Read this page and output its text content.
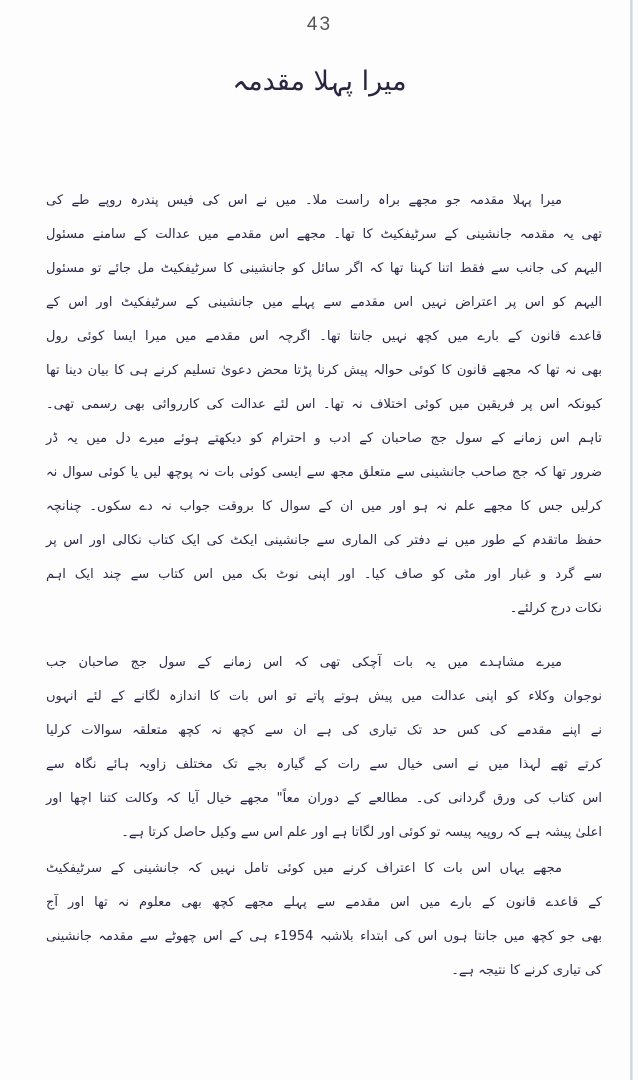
43
میرا پہلا مقدمہ
میرا پہلا مقدمہ جو مجھے براہ راست ملا۔ میں نے اس کی فیس پندرہ روپے طے کی
تھی یہ مقدمہ جانشینی کے سرٹیفکیٹ کا تھا۔ مجھے اس مقدمے میں عدالت کے سامنے مسئول
الیہم کی جانب سے فقط اتنا کہنا تھا کہ اگر سائل کو جانشینی کا سرٹیفکیٹ مل جائے تو مسئول
الیہم کو اس پر اعتراض نہیں اس مقدمے سے پہلے میں جانشینی کے سرٹیفکیٹ اور اس کے
قاعدے قانون کے بارے میں کچھ نہیں جانتا تھا۔ اگرچہ اس مقدمے میں میرا ایسا کوئی رول
بھی نہ تھا کہ مجھے قانون کا کوئی حوالہ پیش کرنا پڑتا محض دعویٰ تسلیم کرنے ہی کا بیان دینا تھا
کیونکہ اس پر فریقین میں کوئی اختلاف نہ تھا۔ اس لئے عدالت کی کارروائی بھی رسمی تھی۔
تاہم اس زمانے کے سول جج صاحبان کے ادب و احترام کو دیکھتے ہوئے میرے دل میں یہ ڈر
ضرور تھا کہ جج صاحب جانشینی سے متعلق مجھ سے ایسی کوئی بات نہ پوچھ لیں یا کوئی سوال نہ
کرلیں جس کا مجھے علم نہ ہو اور میں ان کے سوال کا بروقت جواب نہ دے سکوں۔ چنانچہ
حفظ ماتقدم کے طور میں نے دفتر کی الماری سے جانشینی ایکٹ کی ایک کتاب نکالی اور اس پر
سے گرد و غبار اور مٹی کو صاف کیا۔ اور اپنی نوٹ بک میں اس کتاب سے چند ایک اہم
نکات درج کرلئے۔
میرے مشاہدے میں یہ بات آچکی تھی کہ اس زمانے کے سول جج صاحبان جب
نوجوان وکلاء کو اپنی عدالت میں پیش ہوتے پاتے تو اس بات کا اندازہ لگانے کے لئے انہوں
نے اپنے مقدمے کی کس حد تک تیاری کی ہے ان سے کچھ نہ کچھ متعلقہ سوالات کرلیا
کرتے تھے لہذا میں نے اسی خیال سے رات کے گیارہ بجے تک مختلف زاویہ ہائے نگاہ سے
اس کتاب کی ورق گردانی کی۔ مطالعے کے دوران معاً" مجھے خیال آیا کہ وکالت کتنا اچھا اور
اعلیٰ پیشہ ہے کہ روپیہ پیسہ تو کوئی اور لگاتا ہے اور علم اس سے وکیل حاصل کرتا ہے۔
مجھے یہاں اس بات کا اعتراف کرنے میں کوئی تامل نہیں کہ جانشینی کے سرٹیفکیٹ
کے قاعدے قانون کے بارے میں اس مقدمے سے پہلے مجھے کچھ بھی معلوم نہ تھا اور آج
بھی جو کچھ میں جانتا ہوں اس کی ابتداء بلاشبہ 1954ء ہی کے اس چھوٹے سے مقدمہ جانشینی
کی تیاری کرنے کا نتیجہ ہے۔
